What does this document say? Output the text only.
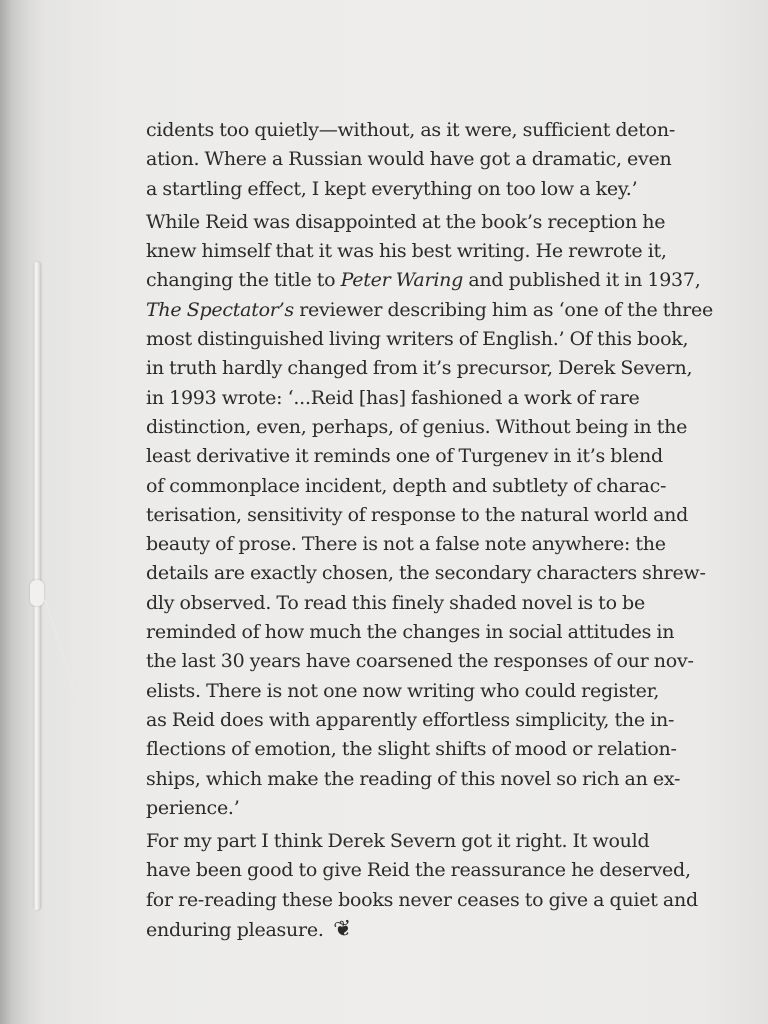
cidents too quietly—without, as it were, sufficient deton-
ation. Where a Russian would have got a dramatic, even
a startling effect, I kept everything on too low a key.’

While Reid was disappointed at the book’s reception he
knew himself that it was his best writing. He rewrote it,
changing the title to Peter Waring and published it in 1937,
The Spectator’s reviewer describing him as ‘one of the three
most distinguished living writers of English.’ Of this book,
in truth hardly changed from it’s precursor, Derek Severn,
in 1993 wrote: ‘...Reid [has] fashioned a work of rare
distinction, even, perhaps, of genius. Without being in the
least derivative it reminds one of Turgenev in it’s blend
of commonplace incident, depth and subtlety of charac-
terisation, sensitivity of response to the natural world and
beauty of prose. There is not a false note anywhere: the
details are exactly chosen, the secondary characters shrew-
dly observed. To read this finely shaded novel is to be
reminded of how much the changes in social attitudes in
the last 30 years have coarsened the responses of our nov-
elists. There is not one now writing who could register,
as Reid does with apparently effortless simplicity, the in-
flections of emotion, the slight shifts of mood or relation-
ships, which make the reading of this novel so rich an ex-
perience.’

For my part I think Derek Severn got it right. It would
have been good to give Reid the reassurance he deserved,
for re-reading these books never ceases to give a quiet and
enduring pleasure. ❦
